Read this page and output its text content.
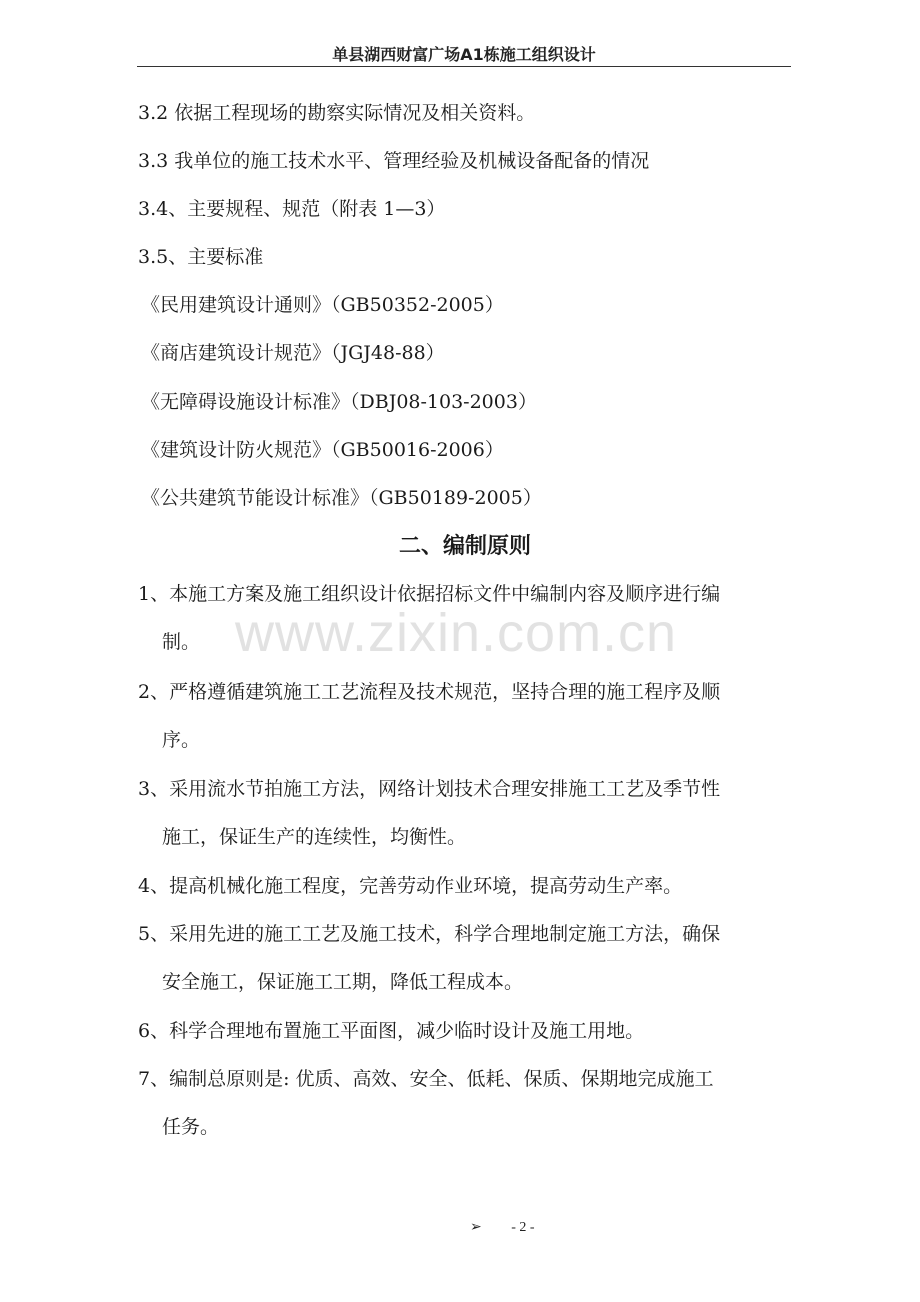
单县湖西财富广场A1栋施工组织设计
3.2 依据工程现场的勘察实际情况及相关资料。
3.3 我单位的施工技术水平、管理经验及机械设备配备的情况
3.4、主要规程、规范（附表 1—3）
3.5、主要标准
《民用建筑设计通则》（GB50352-2005）
《商店建筑设计规范》（JGJ48-88）
《无障碍设施设计标准》（DBJ08-103-2003）
《建筑设计防火规范》（GB50016-2006）
《公共建筑节能设计标准》（GB50189-2005）
二、编制原则
www.zixin.com.cn
1、本施工方案及施工组织设计依据招标文件中编制内容及顺序进行编
制。
2、严格遵循建筑施工工艺流程及技术规范，坚持合理的施工程序及顺
序。
3、采用流水节拍施工方法，网络计划技术合理安排施工工艺及季节性
施工，保证生产的连续性，均衡性。
4、提高机械化施工程度，完善劳动作业环境，提高劳动生产率。
5、采用先进的施工工艺及施工技术，科学合理地制定施工方法，确保
安全施工，保证施工工期，降低工程成本。
6、科学合理地布置施工平面图，减少临时设计及施工用地。
7、编制总原则是: 优质、高效、安全、低耗、保质、保期地完成施工
任务。
➢ - 2 -
